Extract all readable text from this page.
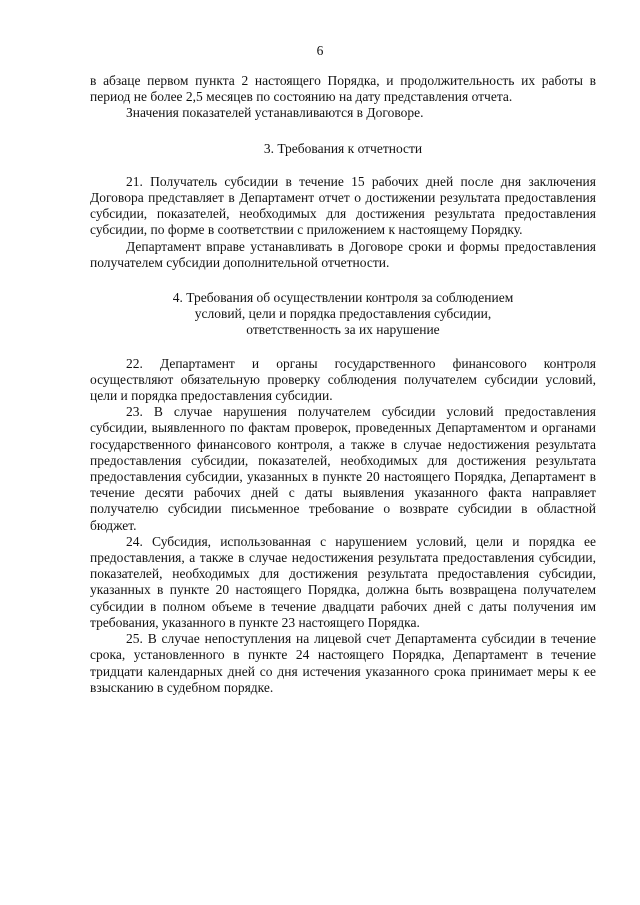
6

в абзаце первом пункта 2 настоящего Порядка, и продолжительность их работы в период не более 2,5 месяцев по состоянию на дату представления отчета.

Значения показателей устанавливаются в Договоре.

3. Требования к отчетности

21. Получатель субсидии в течение 15 рабочих дней после дня заключения Договора представляет в Департамент отчет о достижении результата предоставления субсидии, показателей, необходимых для достижения результата предоставления субсидии, по форме в соответствии с приложением к настоящему Порядку.

Департамент вправе устанавливать в Договоре сроки и формы предоставления получателем субсидии дополнительной отчетности.

4. Требования об осуществлении контроля за соблюдением
условий, цели и порядка предоставления субсидии,
ответственность за их нарушение

22. Департамент и органы государственного финансового контроля осуществляют обязательную проверку соблюдения получателем субсидии условий, цели и порядка предоставления субсидии.

23. В случае нарушения получателем субсидии условий предоставления субсидии, выявленного по фактам проверок, проведенных Департаментом и органами государственного финансового контроля, а также в случае недостижения результата предоставления субсидии, показателей, необходимых для достижения результата предоставления субсидии, указанных в пункте 20 настоящего Порядка, Департамент в течение десяти рабочих дней с даты выявления указанного факта направляет получателю субсидии письменное требование о возврате субсидии в областной бюджет.

24. Субсидия, использованная с нарушением условий, цели и порядка ее предоставления, а также в случае недостижения результата предоставления субсидии, показателей, необходимых для достижения результата предоставления субсидии, указанных в пункте 20 настоящего Порядка, должна быть возвращена получателем субсидии в полном объеме в течение двадцати рабочих дней с даты получения им требования, указанного в пункте 23 настоящего Порядка.

25. В случае непоступления на лицевой счет Департамента субсидии в течение срока, установленного в пункте 24 настоящего Порядка, Департамент в течение тридцати календарных дней со дня истечения указанного срока принимает меры к ее взысканию в судебном порядке.
